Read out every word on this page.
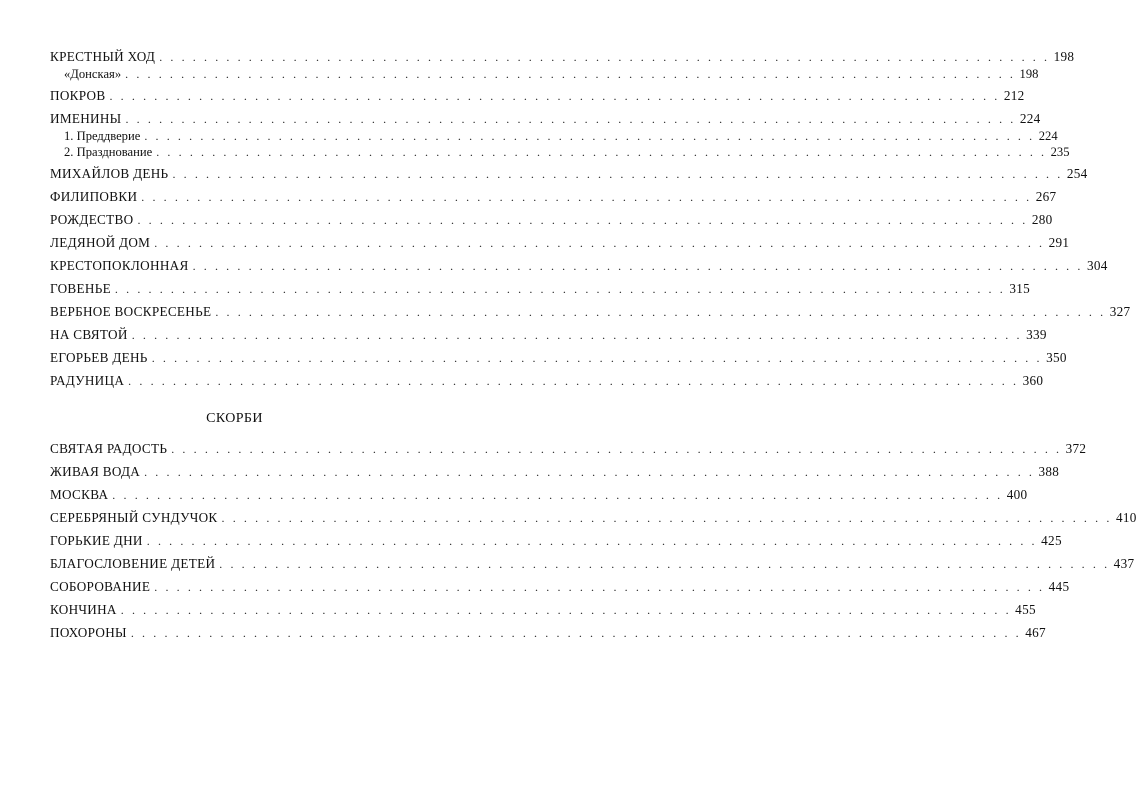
КРЕСТНЫЙ ХОД . . . . . . . . . . . . . . . . . . . . . . . . . . . . . . . . . . . . . . . . . . . . . . . . . . . . . . . . . . . . . . . . . . . . . . . . . . . . . . . . 198
«Донская» . . . . . . . . . . . . . . . . . . . . . . . . . . . . . . . . . . . . . . . . . . . . . . . . . . . . . . . . . . . . . . . . . . . . . . . . . . . . . . . . 198
ПОКРОВ . . . . . . . . . . . . . . . . . . . . . . . . . . . . . . . . . . . . . . . . . . . . . . . . . . . . . . . . . . . . . . . . . . . . . . . . . . . . . . . . 212
ИМЕНИНЫ . . . . . . . . . . . . . . . . . . . . . . . . . . . . . . . . . . . . . . . . . . . . . . . . . . . . . . . . . . . . . . . . . . . . . . . . . . . . . . . . 224
1. Преддверие . . . . . . . . . . . . . . . . . . . . . . . . . . . . . . . . . . . . . . . . . . . . . . . . . . . . . . . . . . . . . . . . . . . . . . . . . . . . . . . . 224
2. Празднование . . . . . . . . . . . . . . . . . . . . . . . . . . . . . . . . . . . . . . . . . . . . . . . . . . . . . . . . . . . . . . . . . . . . . . . . . . . . . . . . 235
МИХАЙЛОВ ДЕНЬ . . . . . . . . . . . . . . . . . . . . . . . . . . . . . . . . . . . . . . . . . . . . . . . . . . . . . . . . . . . . . . . . . . . . . . . . . . . . . . . . 254
ФИЛИПОВКИ . . . . . . . . . . . . . . . . . . . . . . . . . . . . . . . . . . . . . . . . . . . . . . . . . . . . . . . . . . . . . . . . . . . . . . . . . . . . . . . . 267
РОЖДЕСТВО . . . . . . . . . . . . . . . . . . . . . . . . . . . . . . . . . . . . . . . . . . . . . . . . . . . . . . . . . . . . . . . . . . . . . . . . . . . . . . . . 280
ЛЕДЯНОЙ ДОМ . . . . . . . . . . . . . . . . . . . . . . . . . . . . . . . . . . . . . . . . . . . . . . . . . . . . . . . . . . . . . . . . . . . . . . . . . . . . . . . . 291
КРЕСТОПОКЛОННАЯ . . . . . . . . . . . . . . . . . . . . . . . . . . . . . . . . . . . . . . . . . . . . . . . . . . . . . . . . . . . . . . . . . . . . . . . . . . . . . . . . 304
ГОВЕНЬЕ . . . . . . . . . . . . . . . . . . . . . . . . . . . . . . . . . . . . . . . . . . . . . . . . . . . . . . . . . . . . . . . . . . . . . . . . . . . . . . . . 315
ВЕРБНОЕ ВОСКРЕСЕНЬЕ . . . . . . . . . . . . . . . . . . . . . . . . . . . . . . . . . . . . . . . . . . . . . . . . . . . . . . . . . . . . . . . . . . . . . . . . . . . . . . . . 327
НА СВЯТОЙ . . . . . . . . . . . . . . . . . . . . . . . . . . . . . . . . . . . . . . . . . . . . . . . . . . . . . . . . . . . . . . . . . . . . . . . . . . . . . . . . 339
ЕГОРЬЕВ ДЕНЬ . . . . . . . . . . . . . . . . . . . . . . . . . . . . . . . . . . . . . . . . . . . . . . . . . . . . . . . . . . . . . . . . . . . . . . . . . . . . . . . . 350
РАДУНИЦА . . . . . . . . . . . . . . . . . . . . . . . . . . . . . . . . . . . . . . . . . . . . . . . . . . . . . . . . . . . . . . . . . . . . . . . . . . . . . . . . 360
СКОРБИ
СВЯТАЯ РАДОСТЬ . . . . . . . . . . . . . . . . . . . . . . . . . . . . . . . . . . . . . . . . . . . . . . . . . . . . . . . . . . . . . . . . . . . . . . . . . . . . . . . . 372
ЖИВАЯ ВОДА . . . . . . . . . . . . . . . . . . . . . . . . . . . . . . . . . . . . . . . . . . . . . . . . . . . . . . . . . . . . . . . . . . . . . . . . . . . . . . . . 388
МОСКВА . . . . . . . . . . . . . . . . . . . . . . . . . . . . . . . . . . . . . . . . . . . . . . . . . . . . . . . . . . . . . . . . . . . . . . . . . . . . . . . . 400
СЕРЕБРЯНЫЙ СУНДУЧОК . . . . . . . . . . . . . . . . . . . . . . . . . . . . . . . . . . . . . . . . . . . . . . . . . . . . . . . . . . . . . . . . . . . . . . . . . . . . . . . . 410
ГОРЬКИЕ ДНИ . . . . . . . . . . . . . . . . . . . . . . . . . . . . . . . . . . . . . . . . . . . . . . . . . . . . . . . . . . . . . . . . . . . . . . . . . . . . . . . . 425
БЛАГОСЛОВЕНИЕ ДЕТЕЙ . . . . . . . . . . . . . . . . . . . . . . . . . . . . . . . . . . . . . . . . . . . . . . . . . . . . . . . . . . . . . . . . . . . . . . . . . . . . . . . . 437
СОБОРОВАНИЕ . . . . . . . . . . . . . . . . . . . . . . . . . . . . . . . . . . . . . . . . . . . . . . . . . . . . . . . . . . . . . . . . . . . . . . . . . . . . . . . . 445
КОНЧИНА . . . . . . . . . . . . . . . . . . . . . . . . . . . . . . . . . . . . . . . . . . . . . . . . . . . . . . . . . . . . . . . . . . . . . . . . . . . . . . . . 455
ПОХОРОНЫ . . . . . . . . . . . . . . . . . . . . . . . . . . . . . . . . . . . . . . . . . . . . . . . . . . . . . . . . . . . . . . . . . . . . . . . . . . . . . . . . 467
